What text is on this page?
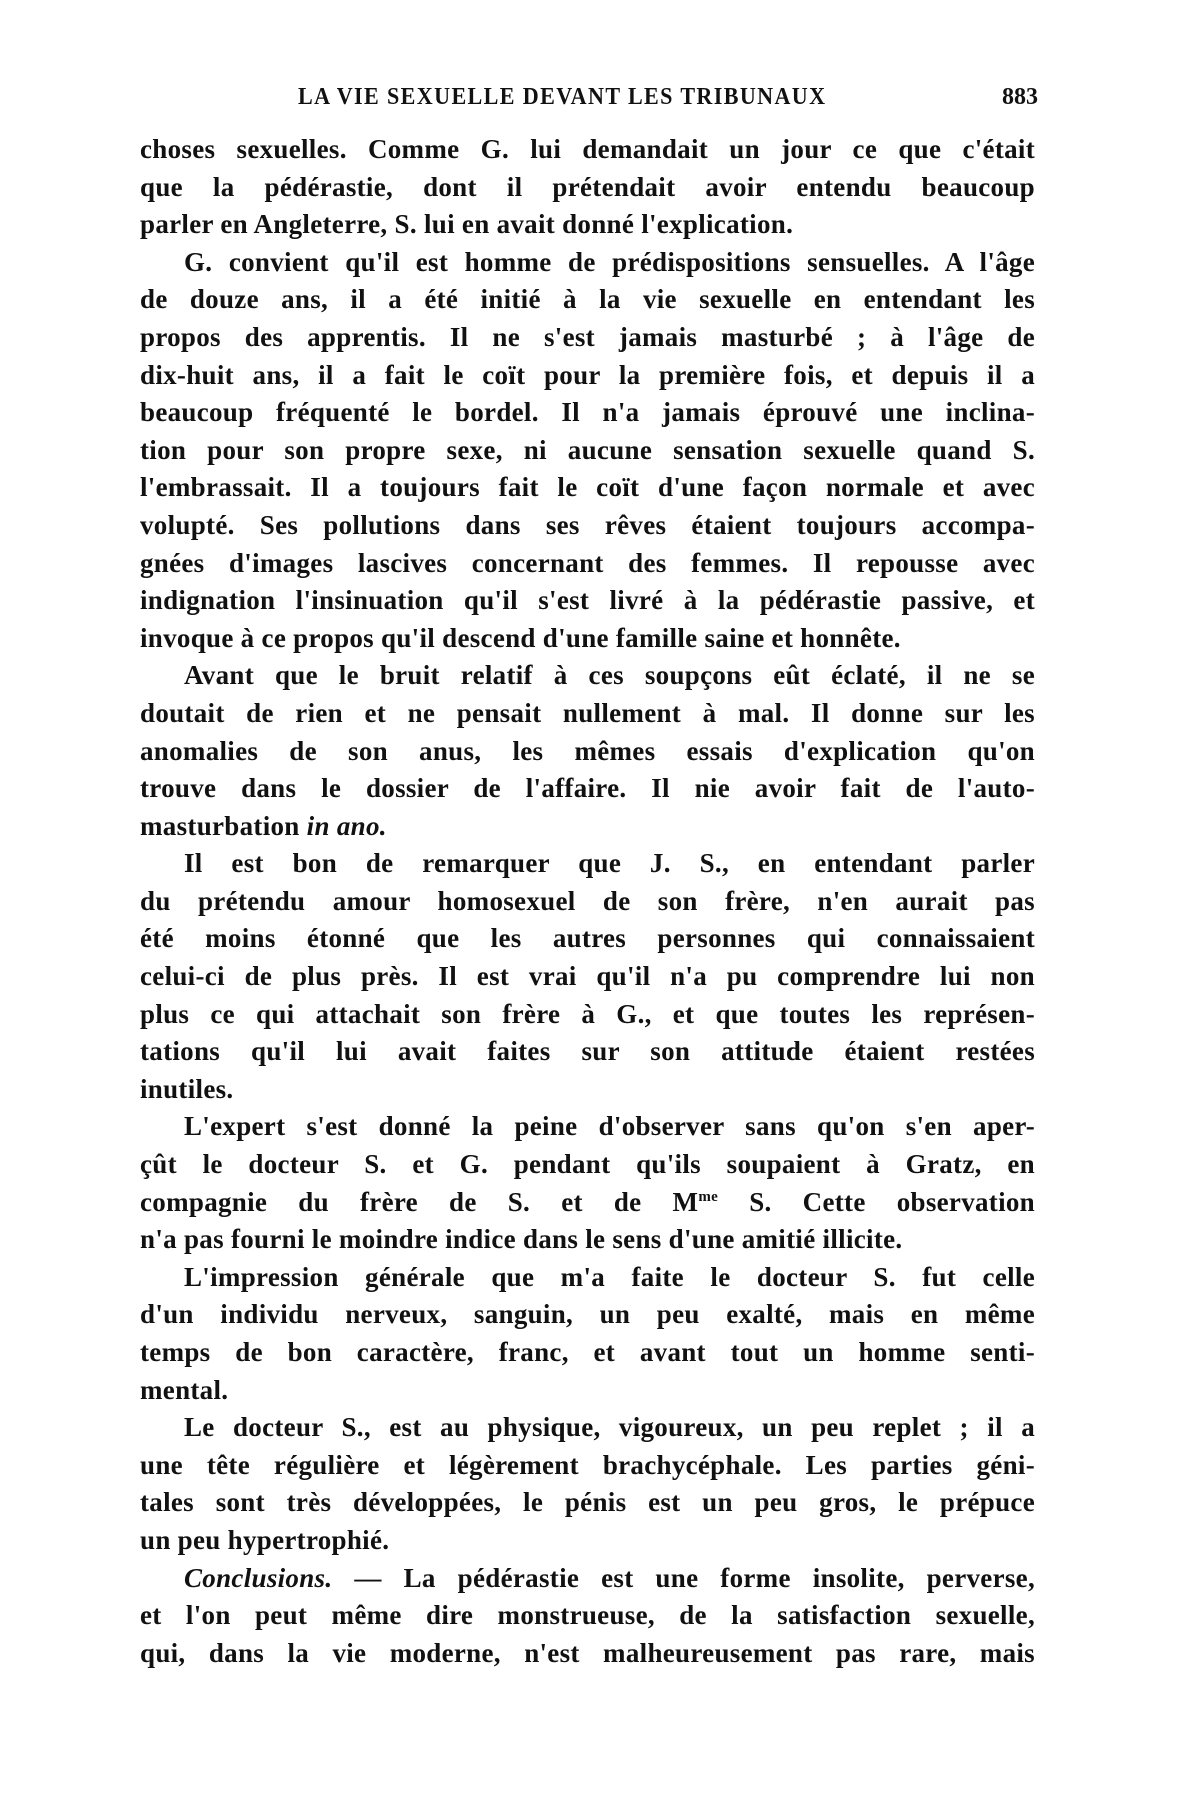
LA VIE SEXUELLE DEVANT LES TRIBUNAUX	883
choses sexuelles. Comme G. lui demandait un jour ce que c'était
que la pédérastie, dont il prétendait avoir entendu beaucoup
parler en Angleterre, S. lui en avait donné l'explication.
G. convient qu'il est homme de prédispositions sensuelles. A l'âge
de douze ans, il a été initié à la vie sexuelle en entendant les
propos des apprentis. Il ne s'est jamais masturbé ; à l'âge de
dix-huit ans, il a fait le coït pour la première fois, et depuis il a
beaucoup fréquenté le bordel. Il n'a jamais éprouvé une inclina-
tion pour son propre sexe, ni aucune sensation sexuelle quand S.
l'embrassait. Il a toujours fait le coït d'une façon normale et avec
volupté. Ses pollutions dans ses rêves étaient toujours accompa-
gnées d'images lascives concernant des femmes. Il repousse avec
indignation l'insinuation qu'il s'est livré à la pédérastie passive, et
invoque à ce propos qu'il descend d'une famille saine et honnête.
Avant que le bruit relatif à ces soupçons eût éclaté, il ne se
doutait de rien et ne pensait nullement à mal. Il donne sur les
anomalies de son anus, les mêmes essais d'explication qu'on
trouve dans le dossier de l'affaire. Il nie avoir fait de l'auto-
masturbation in ano.
Il est bon de remarquer que J. S., en entendant parler
du prétendu amour homosexuel de son frère, n'en aurait pas
été moins étonné que les autres personnes qui connaissaient
celui-ci de plus près. Il est vrai qu'il n'a pu comprendre lui non
plus ce qui attachait son frère à G., et que toutes les représen-
tations qu'il lui avait faites sur son attitude étaient restées
inutiles.
L'expert s'est donné la peine d'observer sans qu'on s'en aper-
çût le docteur S. et G. pendant qu'ils soupaient à Gratz, en
compagnie du frère de S. et de $M^{me}$ S. Cette observation
n'a pas fourni le moindre indice dans le sens d'une amitié illicite.
L'impression générale que m'a faite le docteur S. fut celle
d'un individu nerveux, sanguin, un peu exalté, mais en même
temps de bon caractère, franc, et avant tout un homme senti-
mental.
Le docteur S., est au physique, vigoureux, un peu replet ; il a
une tête régulière et légèrement brachycéphale. Les parties géni-
tales sont très développées, le pénis est un peu gros, le prépuce
un peu hypertrophié.
Conclusions. — La pédérastie est une forme insolite, perverse,
et l'on peut même dire monstrueuse, de la satisfaction sexuelle,
qui, dans la vie moderne, n'est malheureusement pas rare, mais
